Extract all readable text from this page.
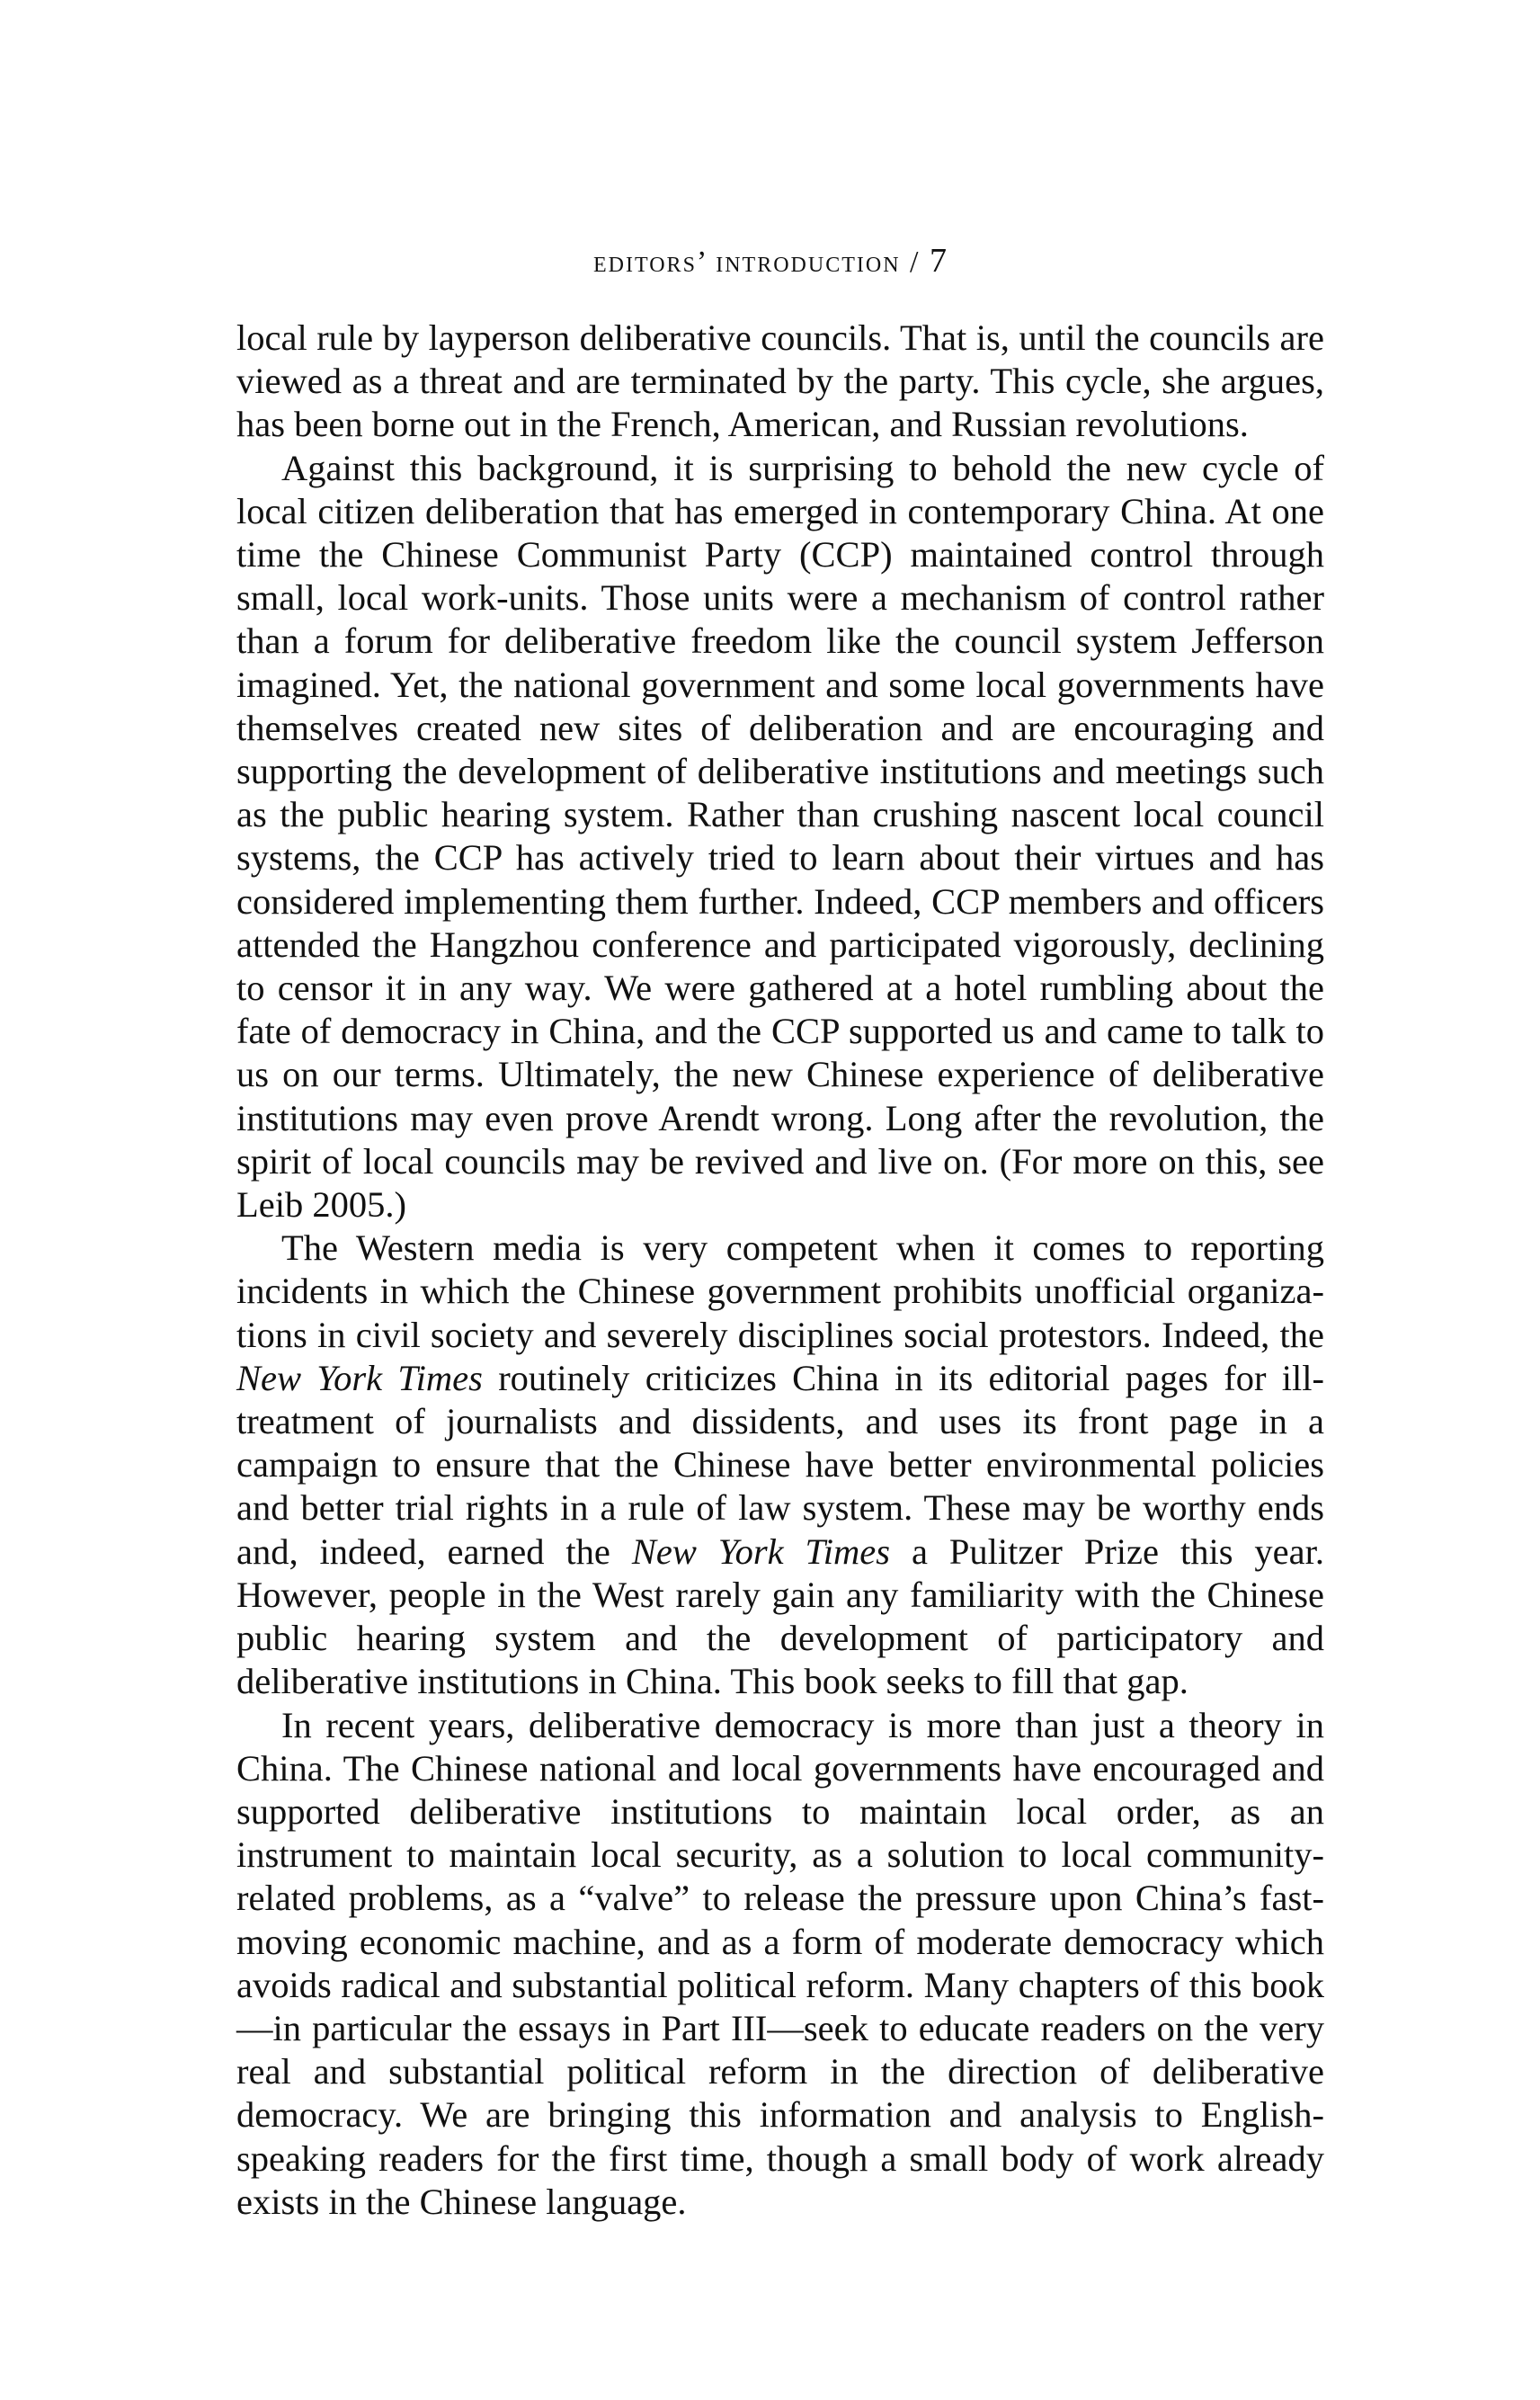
editors’ introduction / 7

local rule by layperson deliberative councils. That is, until the councils are viewed as a threat and are terminated by the party. This cycle, she argues, has been borne out in the French, American, and Russian revolutions.

Against this background, it is surprising to behold the new cycle of local citizen deliberation that has emerged in contemporary China. At one time the Chinese Communist Party (CCP) maintained control through small, local work-units. Those units were a mechanism of control rather than a forum for deliberative freedom like the council system Jefferson imagined. Yet, the national government and some local governments have themselves created new sites of deliberation and are encouraging and supporting the development of deliberative institutions and meetings such as the public hearing system. Rather than crushing nascent local council systems, the CCP has actively tried to learn about their virtues and has considered implementing them further. Indeed, CCP members and officers attended the Hangzhou conference and participated vigorously, declining to censor it in any way. We were gathered at a hotel rumbling about the fate of democracy in China, and the CCP supported us and came to talk to us on our terms. Ultimately, the new Chinese experience of deliberative institutions may even prove Arendt wrong. Long after the revolution, the spirit of local councils may be revived and live on. (For more on this, see Leib 2005.)

The Western media is very competent when it comes to reporting incidents in which the Chinese government prohibits unofficial organizations in civil society and severely disciplines social protestors. Indeed, the New York Times routinely criticizes China in its editorial pages for ill-treatment of journalists and dissidents, and uses its front page in a campaign to ensure that the Chinese have better environmental policies and better trial rights in a rule of law system. These may be worthy ends and, indeed, earned the New York Times a Pulitzer Prize this year. However, people in the West rarely gain any familiarity with the Chinese public hearing system and the development of participatory and deliberative institutions in China. This book seeks to fill that gap.

In recent years, deliberative democracy is more than just a theory in China. The Chinese national and local governments have encouraged and supported deliberative institutions to maintain local order, as an instrument to maintain local security, as a solution to local community-related problems, as a “valve” to release the pressure upon China’s fast-moving economic machine, and as a form of moderate democracy which avoids radical and substantial political reform. Many chapters of this book—in particular the essays in Part III—seek to educate readers on the very real and substantial political reform in the direction of deliberative democracy. We are bringing this information and analysis to English-speaking readers for the first time, though a small body of work already exists in the Chinese language.
